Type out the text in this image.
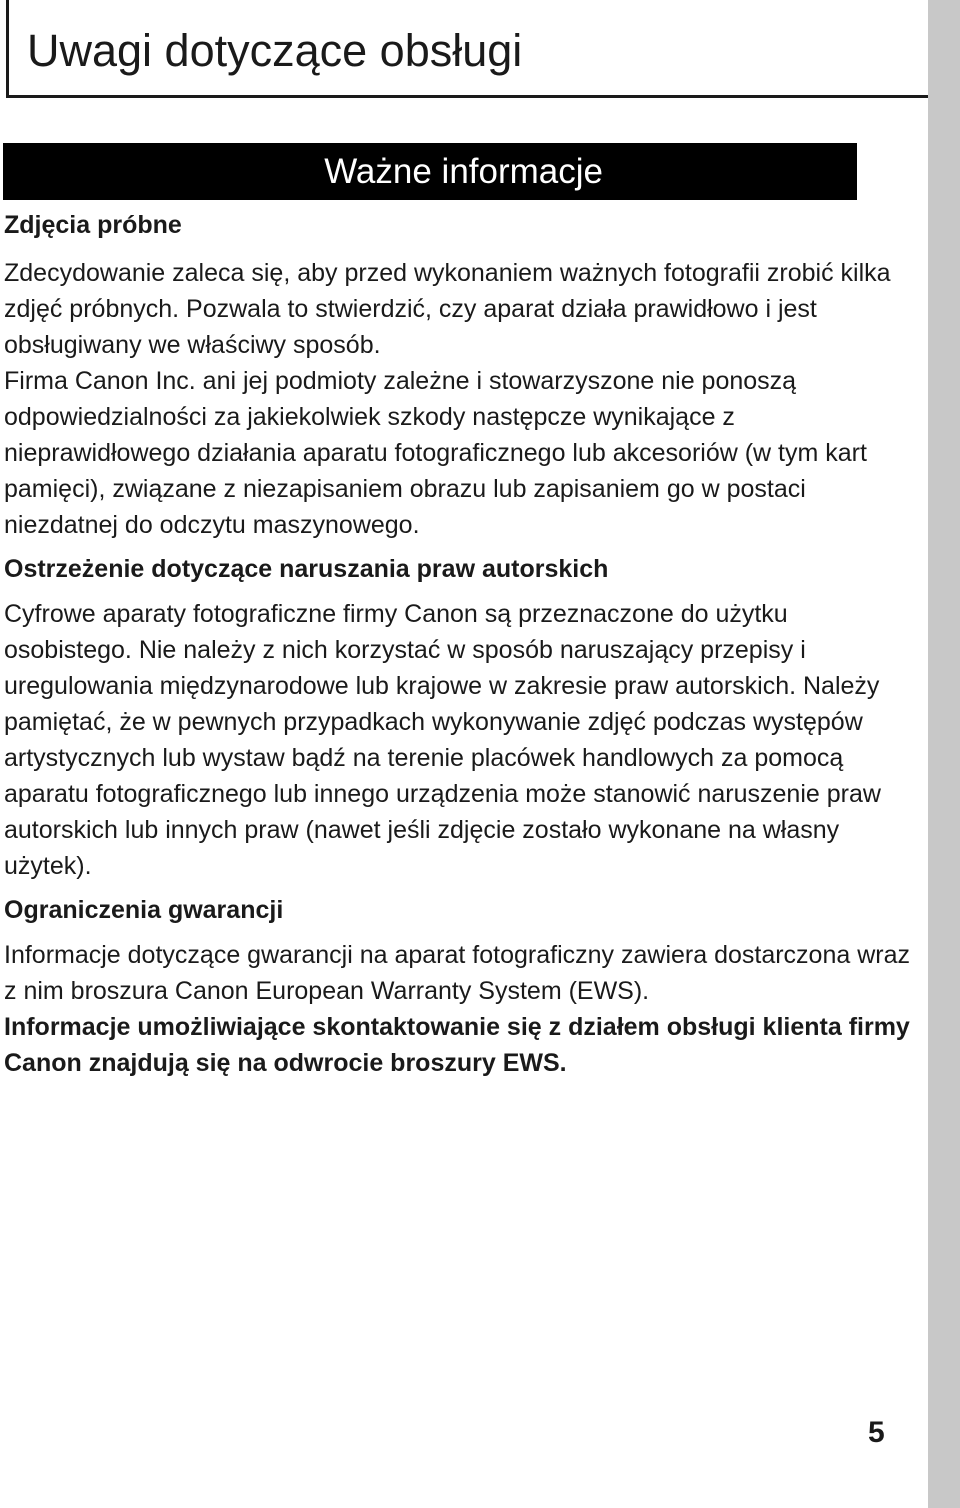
Uwagi dotyczące obsługi
Ważne informacje
Zdjęcia próbne

Zdecydowanie zaleca się, aby przed wykonaniem ważnych fotografii zrobić kilka zdjęć próbnych. Pozwala to stwierdzić, czy aparat działa prawidłowo i jest obsługiwany we właściwy sposób.

Firma Canon Inc. ani jej podmioty zależne i stowarzyszone nie ponoszą odpowiedzialności za jakiekolwiek szkody następcze wynikające z nieprawidłowego działania aparatu fotograficznego lub akcesoriów (w tym kart pamięci), związane z niezapisaniem obrazu lub zapisaniem go w postaci niezdatnej do odczytu maszynowego.

Ostrzeżenie dotyczące naruszania praw autorskich

Cyfrowe aparaty fotograficzne firmy Canon są przeznaczone do użytku osobistego. Nie należy z nich korzystać w sposób naruszający przepisy i uregulowania międzynarodowe lub krajowe w zakresie praw autorskich. Należy pamiętać, że w pewnych przypadkach wykonywanie zdjęć podczas występów artystycznych lub wystaw bądź na terenie placówek handlowych za pomocą aparatu fotograficznego lub innego urządzenia może stanowić naruszenie praw autorskich lub innych praw (nawet jeśli zdjęcie zostało wykonane na własny użytek).

Ograniczenia gwarancji

Informacje dotyczące gwarancji na aparat fotograficzny zawiera dostarczona wraz z nim broszura Canon European Warranty System (EWS).

Informacje umożliwiające skontaktowanie się z działem obsługi klienta firmy Canon znajdują się na odwrocie broszury EWS.

5
